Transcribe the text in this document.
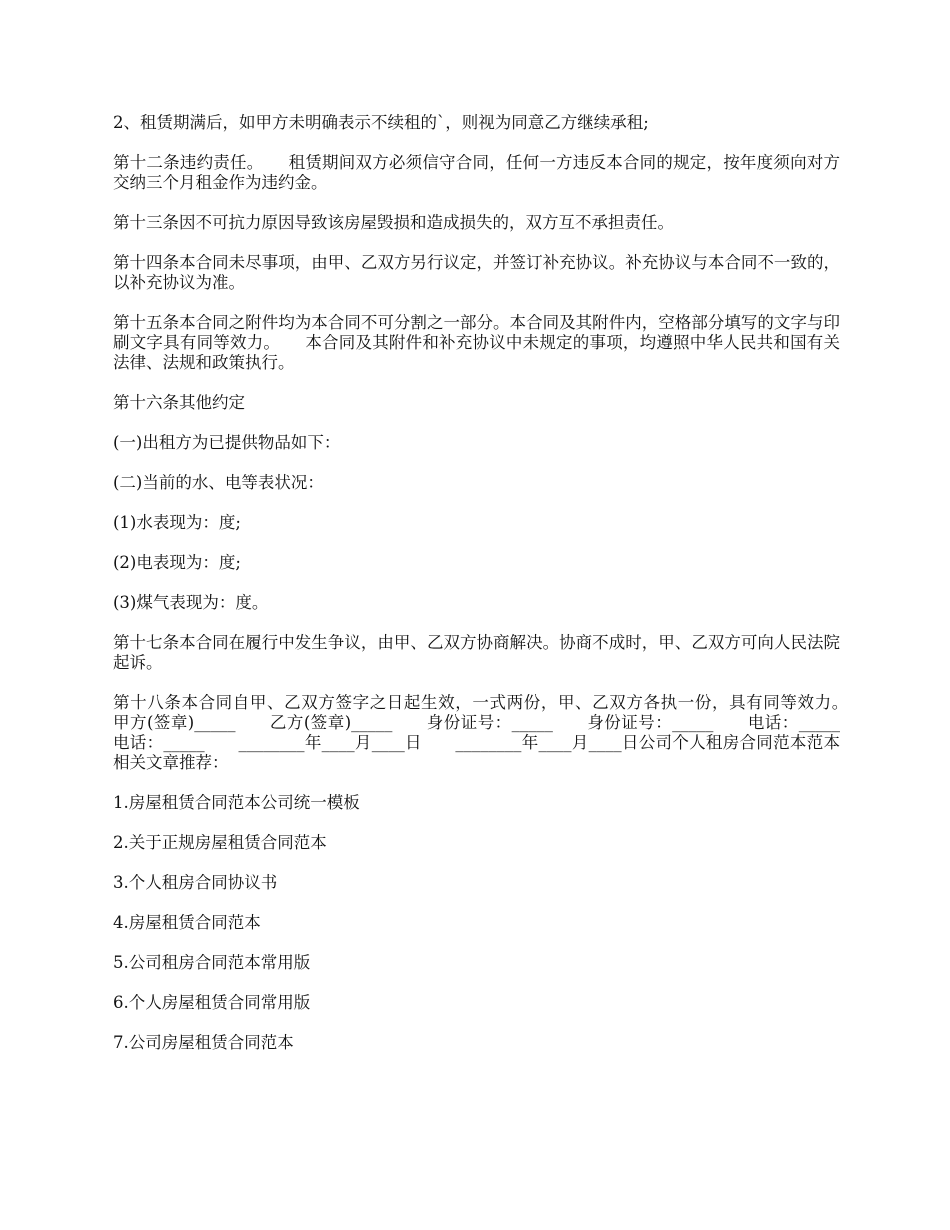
2、租赁期满后，如甲方未明确表示不续租的`，则视为同意乙方继续承租;

第十二条违约责任。　　租赁期间双方必须信守合同，任何一方违反本合同的规定，按年度须向对方交纳三个月租金作为违约金。

第十三条因不可抗力原因导致该房屋毁损和造成损失的，双方互不承担责任。

第十四条本合同未尽事项，由甲、乙双方另行议定，并签订补充协议。补充协议与本合同不一致的，以补充协议为准。

第十五条本合同之附件均为本合同不可分割之一部分。本合同及其附件内，空格部分填写的文字与印刷文字具有同等效力。　　本合同及其附件和补充协议中未规定的事项，均遵照中华人民共和国有关法律、法规和政策执行。

第十六条其他约定

(一)出租方为已提供物品如下：

(二)当前的水、电等表状况：

(1)水表现为：度;

(2)电表现为：度;

(3)煤气表现为：度。

第十七条本合同在履行中发生争议，由甲、乙双方协商解决。协商不成时，甲、乙双方可向人民法院起诉。

第十八条本合同自甲、乙双方签字之日起生效，一式两份，甲、乙双方各执一份，具有同等效力。　　甲方(签章)_____　　乙方(签章)_____　　身份证号：_____　　身份证号：_____　　电话：_____　　电话：_____　　________年____月____日　　________年____月____日公司个人租房合同范本范本相关文章推荐：

1.房屋租赁合同范本公司统一模板

2.关于正规房屋租赁合同范本

3.个人租房合同协议书

4.房屋租赁合同范本

5.公司租房合同范本常用版

6.个人房屋租赁合同常用版

7.公司房屋租赁合同范本
